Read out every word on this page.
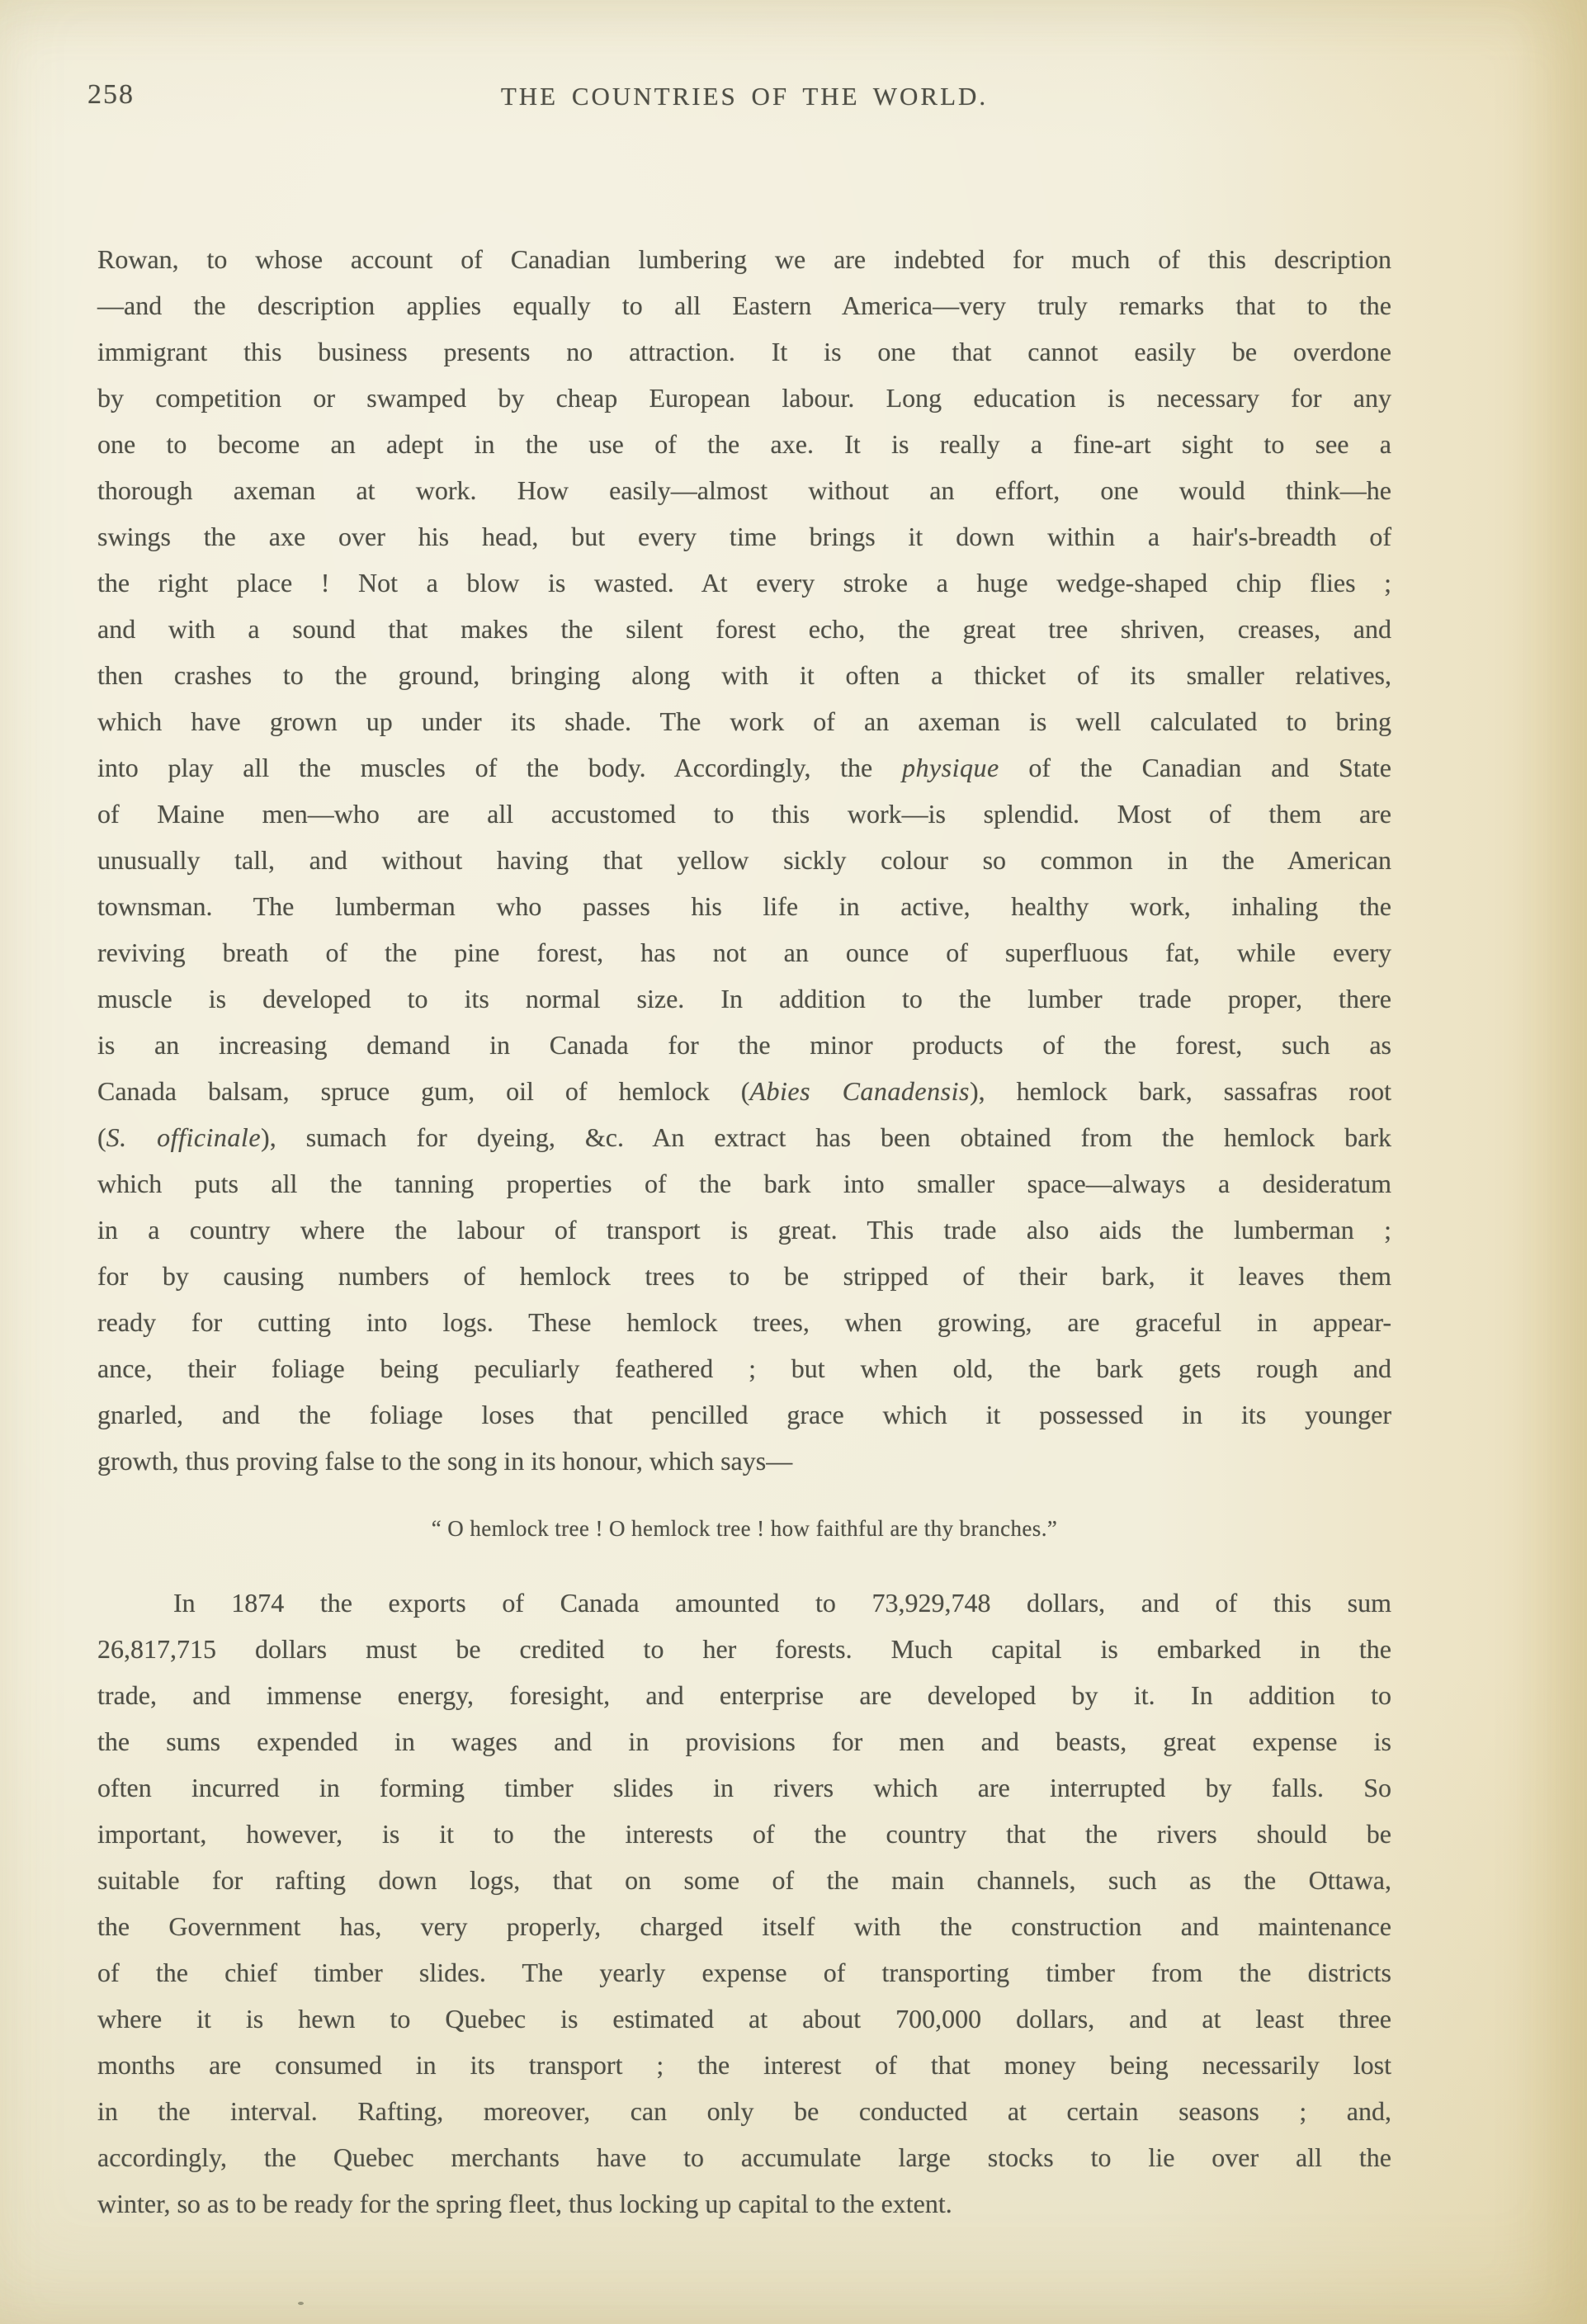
258	THE COUNTRIES OF THE WORLD.
Rowan, to whose account of Canadian lumbering we are indebted for much of this description
—and the description applies equally to all Eastern America—very truly remarks that to the
immigrant this business presents no attraction. It is one that cannot easily be overdone
by competition or swamped by cheap European labour. Long education is necessary for any
one to become an adept in the use of the axe. It is really a fine-art sight to see a
thorough axeman at work. How easily—almost without an effort, one would think—he
swings the axe over his head, but every time brings it down within a hair's-breadth of
the right place ! Not a blow is wasted. At every stroke a huge wedge-shaped chip flies ;
and with a sound that makes the silent forest echo, the great tree shriven, creases, and
then crashes to the ground, bringing along with it often a thicket of its smaller relatives,
which have grown up under its shade. The work of an axeman is well calculated to bring
into play all the muscles of the body. Accordingly, the physique of the Canadian and State
of Maine men—who are all accustomed to this work—is splendid. Most of them are
unusually tall, and without having that yellow sickly colour so common in the American
townsman. The lumberman who passes his life in active, healthy work, inhaling the
reviving breath of the pine forest, has not an ounce of superfluous fat, while every
muscle is developed to its normal size. In addition to the lumber trade proper, there
is an increasing demand in Canada for the minor products of the forest, such as
Canada balsam, spruce gum, oil of hemlock (Abies Canadensis), hemlock bark, sassafras root
(S. officinale), sumach for dyeing, &c. An extract has been obtained from the hemlock bark
which puts all the tanning properties of the bark into smaller space—always a desideratum
in a country where the labour of transport is great. This trade also aids the lumberman ;
for by causing numbers of hemlock trees to be stripped of their bark, it leaves them
ready for cutting into logs. These hemlock trees, when growing, are graceful in appear-
ance, their foliage being peculiarly feathered ; but when old, the bark gets rough and
gnarled, and the foliage loses that pencilled grace which it possessed in its younger
growth, thus proving false to the song in its honour, which says—
“ O hemlock tree ! O hemlock tree ! how faithful are thy branches.”
In 1874 the exports of Canada amounted to 73,929,748 dollars, and of this sum
26,817,715 dollars must be credited to her forests. Much capital is embarked in the
trade, and immense energy, foresight, and enterprise are developed by it. In addition to
the sums expended in wages and in provisions for men and beasts, great expense is
often incurred in forming timber slides in rivers which are interrupted by falls. So
important, however, is it to the interests of the country that the rivers should be
suitable for rafting down logs, that on some of the main channels, such as the Ottawa,
the Government has, very properly, charged itself with the construction and maintenance
of the chief timber slides. The yearly expense of transporting timber from the districts
where it is hewn to Quebec is estimated at about 700,000 dollars, and at least three
months are consumed in its transport ; the interest of that money being necessarily lost
in the interval. Rafting, moreover, can only be conducted at certain seasons ; and,
accordingly, the Quebec merchants have to accumulate large stocks to lie over all the
winter, so as to be ready for the spring fleet, thus locking up capital to the extent.
